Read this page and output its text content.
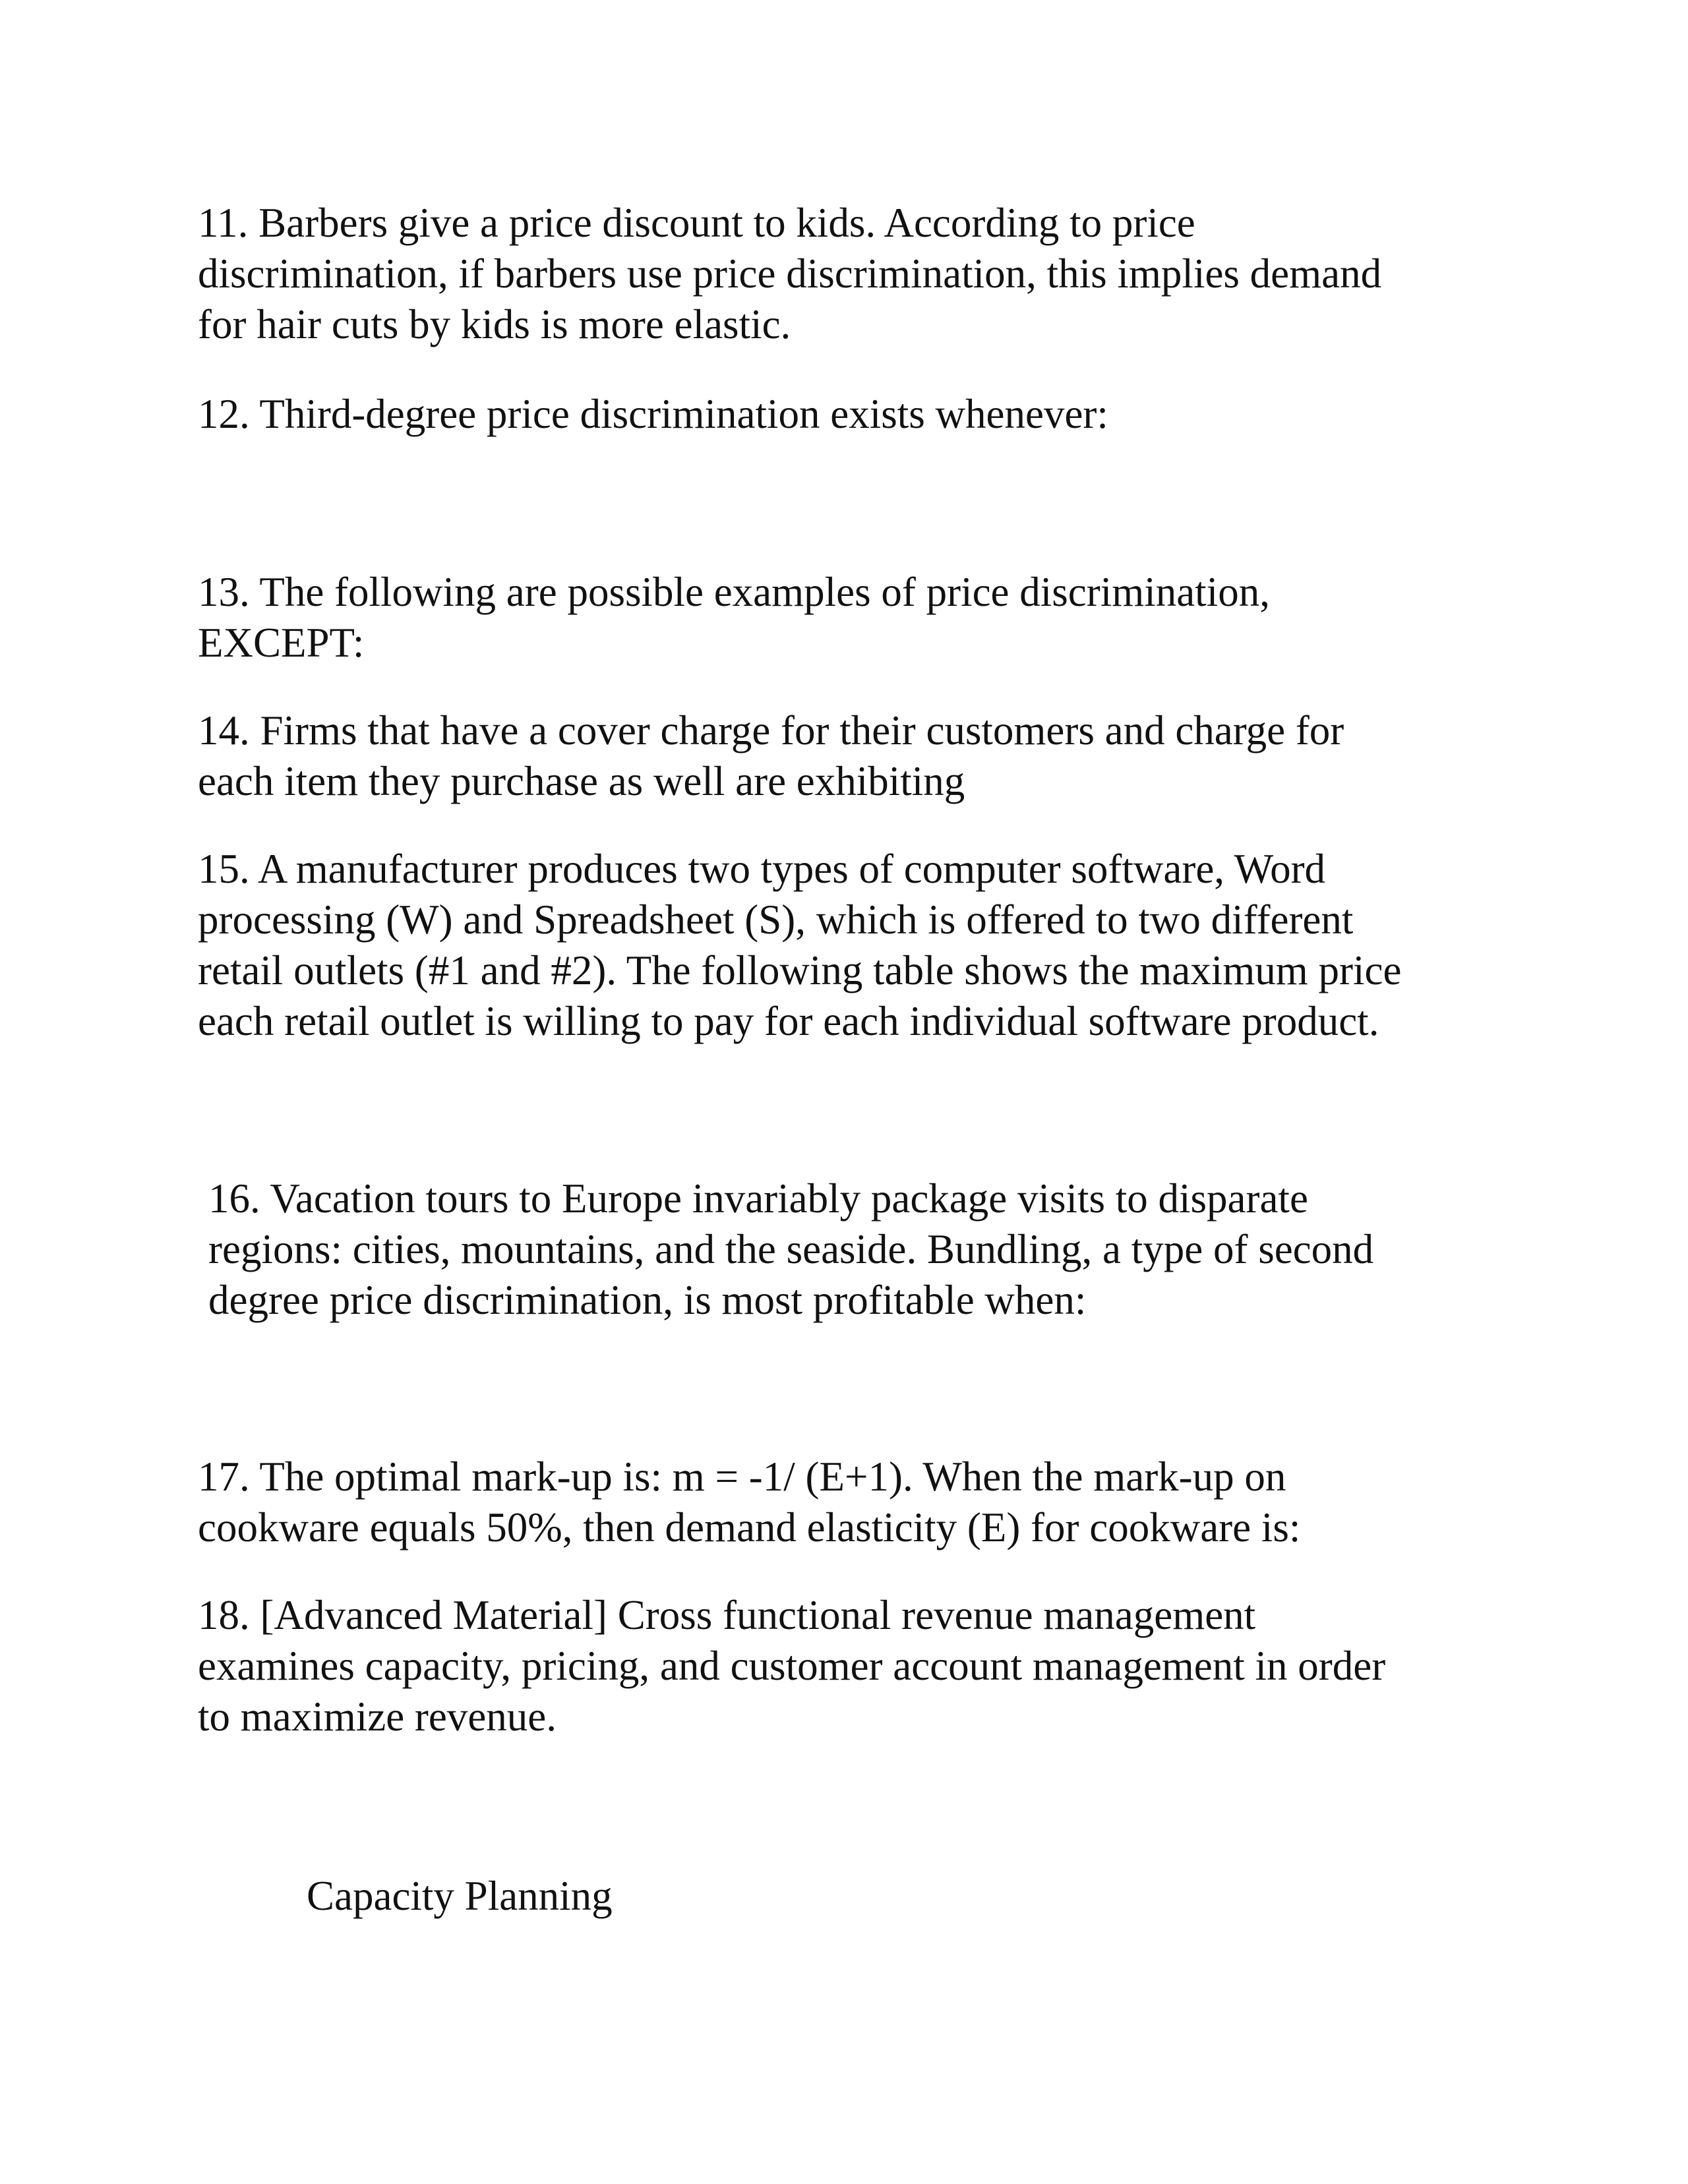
11. Barbers give a price discount to kids. According to price
discrimination, if barbers use price discrimination, this implies demand
for hair cuts by kids is more elastic.

12. Third-degree price discrimination exists whenever:

13. The following are possible examples of price discrimination,
EXCEPT:

14. Firms that have a cover charge for their customers and charge for
each item they purchase as well are exhibiting

15. A manufacturer produces two types of computer software, Word
processing (W) and Spreadsheet (S), which is offered to two different
retail outlets (#1 and #2). The following table shows the maximum price
each retail outlet is willing to pay for each individual software product.

16. Vacation tours to Europe invariably package visits to disparate
regions: cities, mountains, and the seaside. Bundling, a type of second
degree price discrimination, is most profitable when:

17. The optimal mark-up is: m = -1/ (E+1). When the mark-up on
cookware equals 50%, then demand elasticity (E) for cookware is:

18. [Advanced Material] Cross functional revenue management
examines capacity, pricing, and customer account management in order
to maximize revenue.

Capacity Planning
